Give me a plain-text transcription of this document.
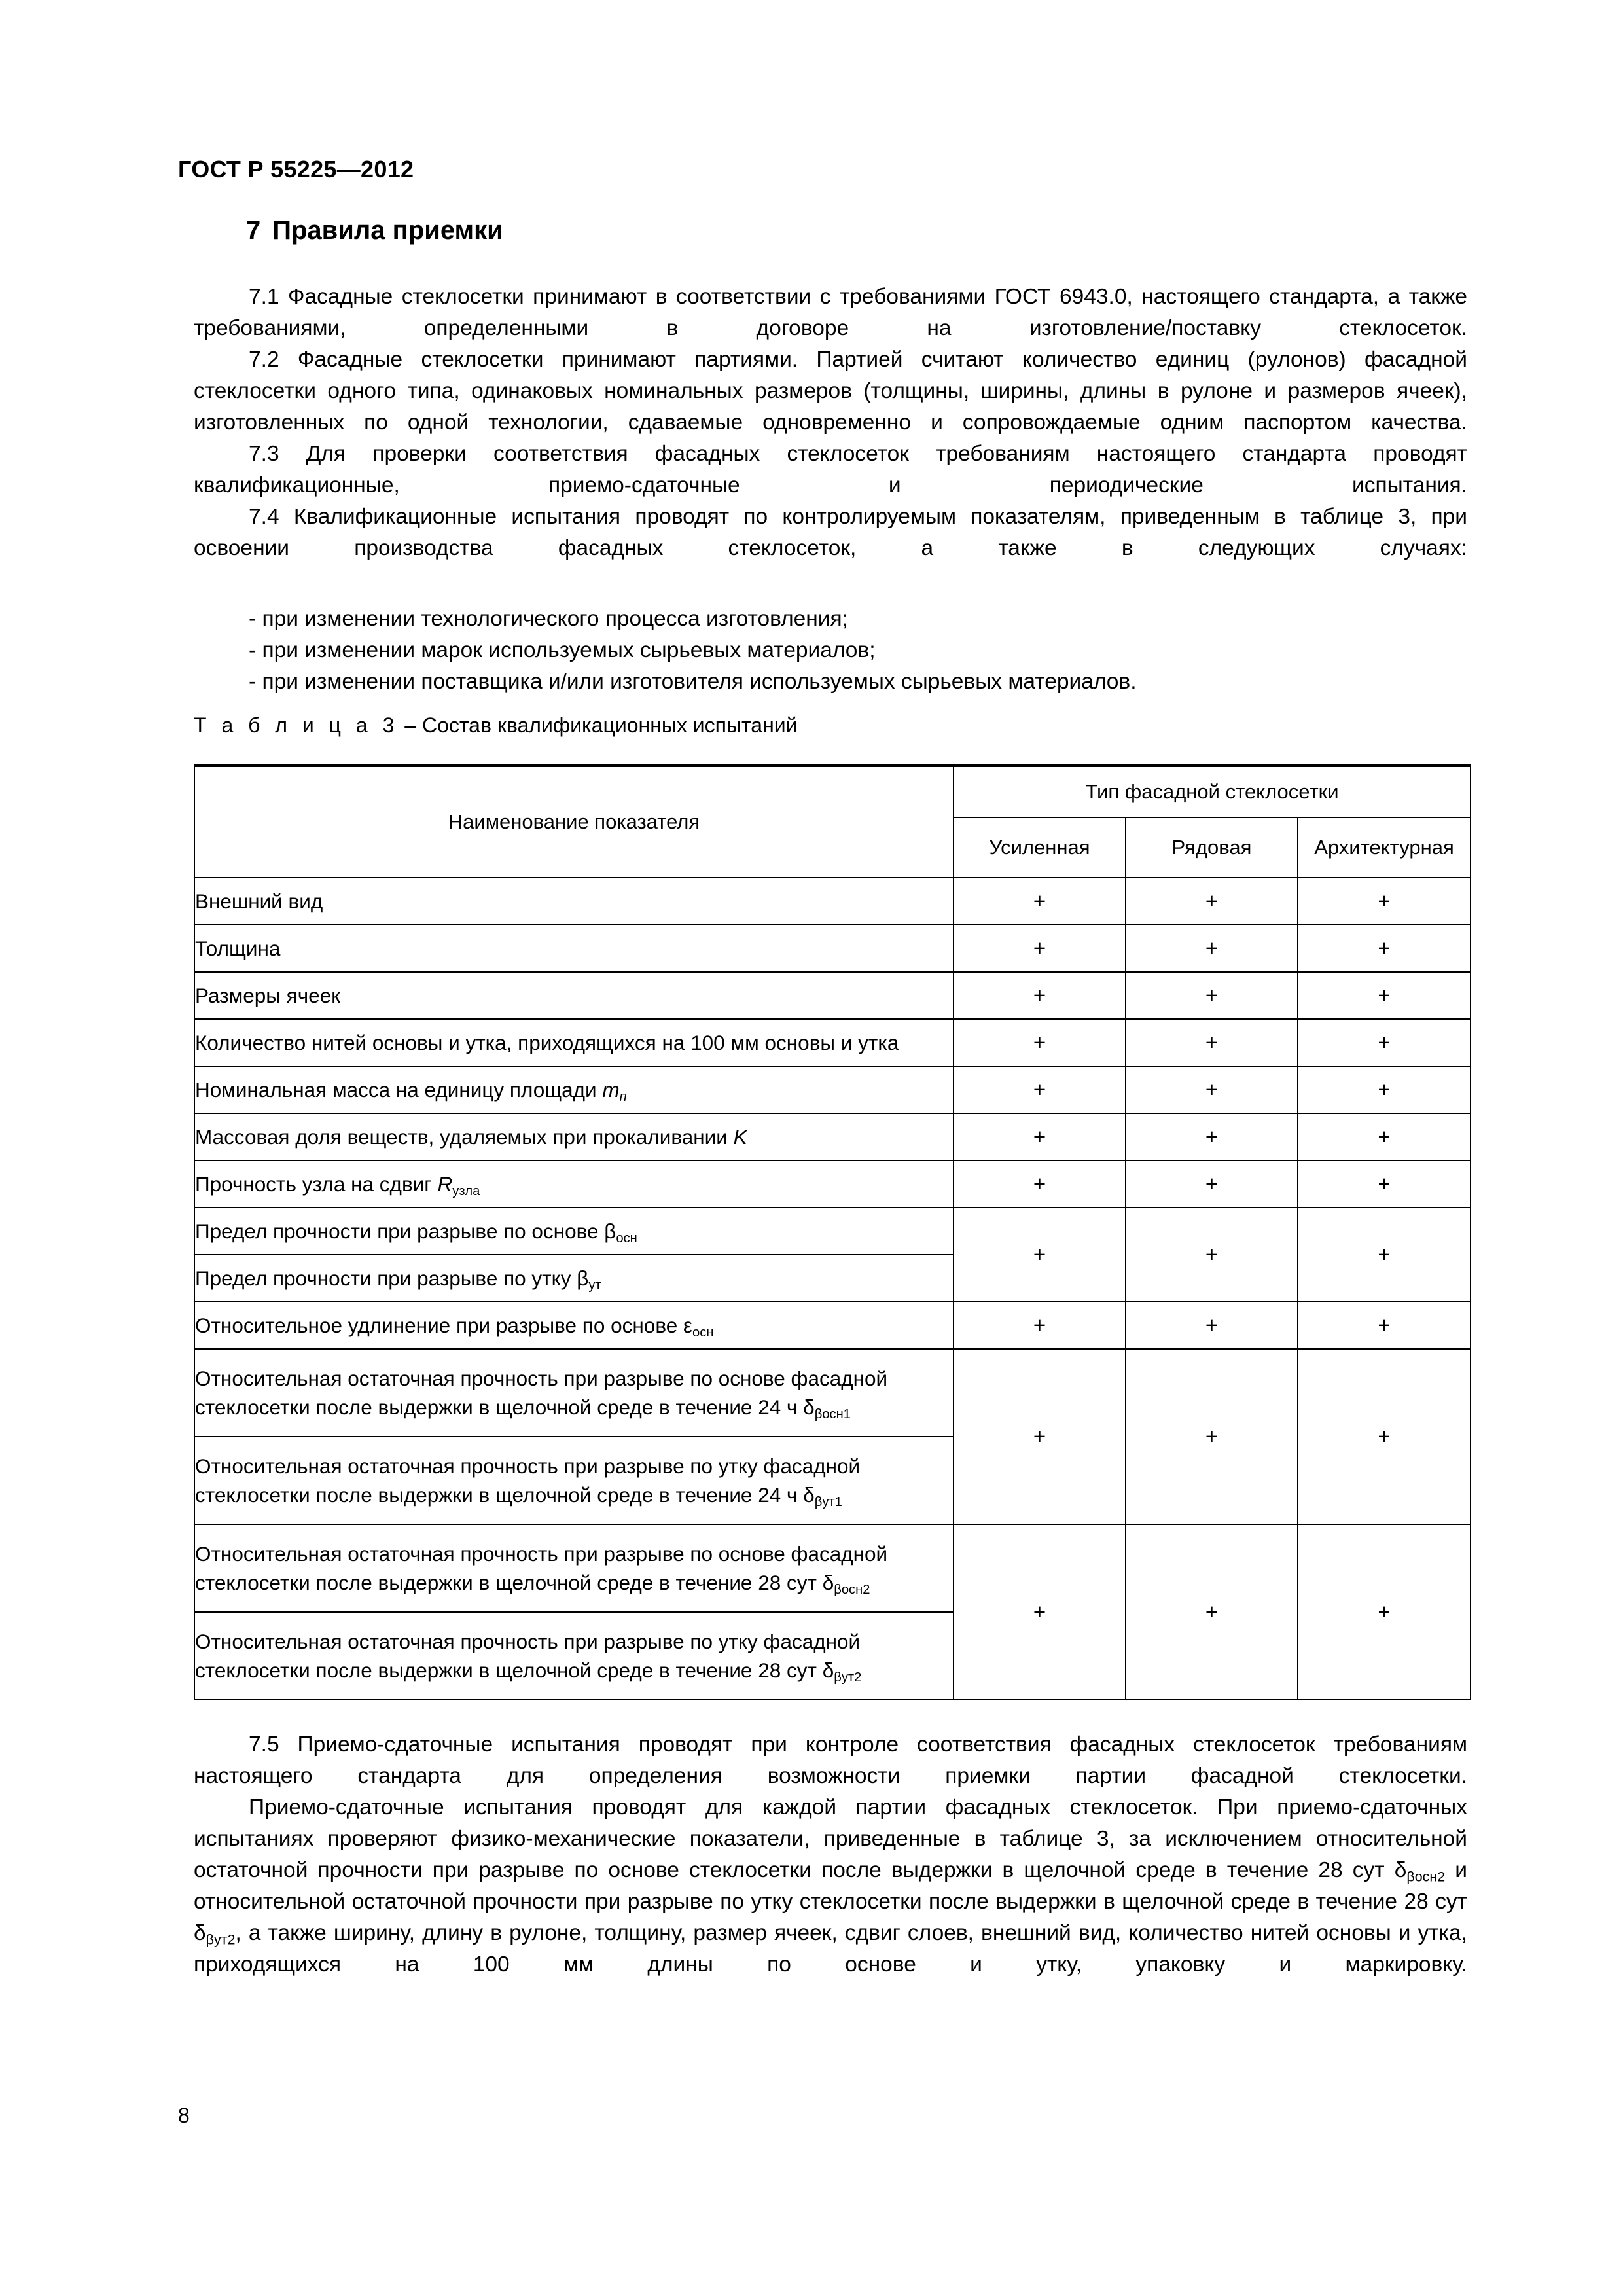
ГОСТ Р 55225—2012
7 Правила приемки

7.1 Фасадные стеклосетки принимают в соответствии с требованиями ГОСТ 6943.0, настоящего стандарта, а также требованиями, определенными в договоре на изготовление/поставку стеклосеток.

7.2 Фасадные стеклосетки принимают партиями. Партией считают количество единиц (рулонов) фасадной стеклосетки одного типа, одинаковых номинальных размеров (толщины, ширины, длины в рулоне и размеров ячеек), изготовленных по одной технологии, сдаваемые одновременно и сопровождаемые одним паспортом качества.

7.3 Для проверки соответствия фасадных стеклосеток требованиям настоящего стандарта проводят квалификационные, приемо-сдаточные и периодические испытания.

7.4 Квалификационные испытания проводят по контролируемым показателям, приведенным в таблице 3, при освоении производства фасадных стеклосеток, а также в следующих случаях:

- при изменении технологического процесса изготовления;

- при изменении марок используемых сырьевых материалов;

- при изменении поставщика и/или изготовителя используемых сырьевых материалов.

Т а б л и ц а 3 – Состав квалификационных испытаний
Наименование показателя	Тип фасадной стеклосетки		
	Усиленная	Рядовая	Архитектурная
Внешний вид	+	+	+
Толщина	+	+	+
Размеры ячеек	+	+	+
Количество нитей основы и утка, приходящихся на 100 мм основы и утка	+	+	+
Номинальная масса на единицу площади $m_п$	+	+	+
Массовая доля веществ, удаляемых при прокаливании K	+	+	+
Прочность узла на сдвиг $R_{узла}$	+	+	+
Предел прочности при разрыве по основе $\beta_{осн}$	+	+	+
Предел прочности при разрыве по утку $\beta_{ут}$
Относительное удлинение при разрыве по основе $\varepsilon_{осн}$	+	+	+
Относительная остаточная прочность при разрыве по основе фасадной стеклосетки после выдержки в щелочной среде в течение 24 ч $\delta_{\beta осн1}$	+	+	+
Относительная остаточная прочность при разрыве по утку фасадной стеклосетки после выдержки в щелочной среде в течение 24 ч $\delta_{\beta ут1}$
Относительная остаточная прочность при разрыве по основе фасадной стеклосетки после выдержки в щелочной среде в течение 28 сут $\delta_{\beta осн2}$	+	+	+
Относительная остаточная прочность при разрыве по утку фасадной стеклосетки после выдержки в щелочной среде в течение 28 сут $\delta_{\beta ут2}$

7.5 Приемо-сдаточные испытания проводят при контроле соответствия фасадных стеклосеток требованиям настоящего стандарта для определения возможности приемки партии фасадной стеклосетки.

Приемо-сдаточные испытания проводят для каждой партии фасадных стеклосеток. При приемо-сдаточных испытаниях проверяют физико-механические показатели, приведенные в таблице 3, за исключением относительной остаточной прочности при разрыве по основе стеклосетки после выдержки в щелочной среде в течение 28 сут $\delta_{\beta осн2}$ и относительной остаточной прочности при разрыве по утку стеклосетки после выдержки в щелочной среде в течение 28 сут $\delta_{\beta ут2}$, а также ширину, длину в рулоне, толщину, размер ячеек, сдвиг слоев, внешний вид, количество нитей основы и утка, приходящихся на 100 мм длины по основе и утку, упаковку и маркировку.

8
